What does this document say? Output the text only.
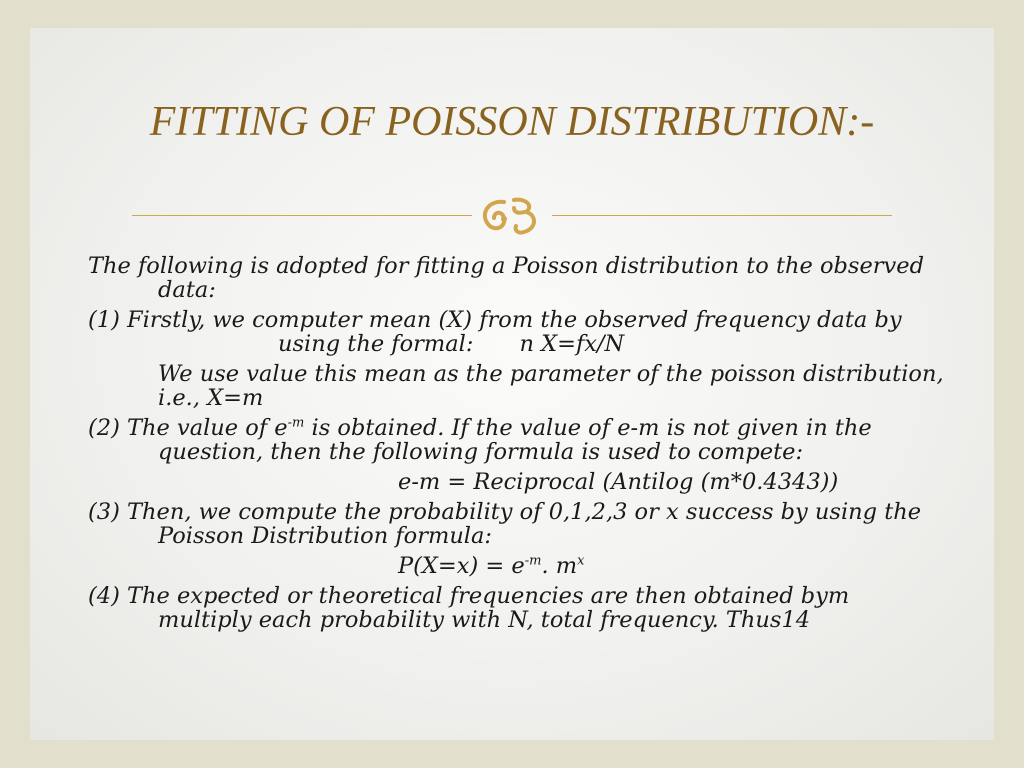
FITTING OF POISSON DISTRIBUTION:-

The following is adopted for fitting a Poisson distribution to the observed data:

(1) Firstly, we computer mean (X) from the observed frequency data byusing the formal: n X=fx/N

We use value this mean as the parameter of the poisson distribution, i.e., X=m

(2) The value of $e^{-m}$ is obtained. If the value of e-m is not given in the question, then the following formula is used to compete:

e-m = Reciprocal (Antilog (m*0.4343))

(3) Then, we compute the probability of 0,1,2,3 or x success by using the Poisson Distribution formula:

$P(X=x) = e^{-m}$. $m^x$

(4) The expected or theoretical frequencies are then obtained bym multiply each probability with N, total frequency. Thus14
